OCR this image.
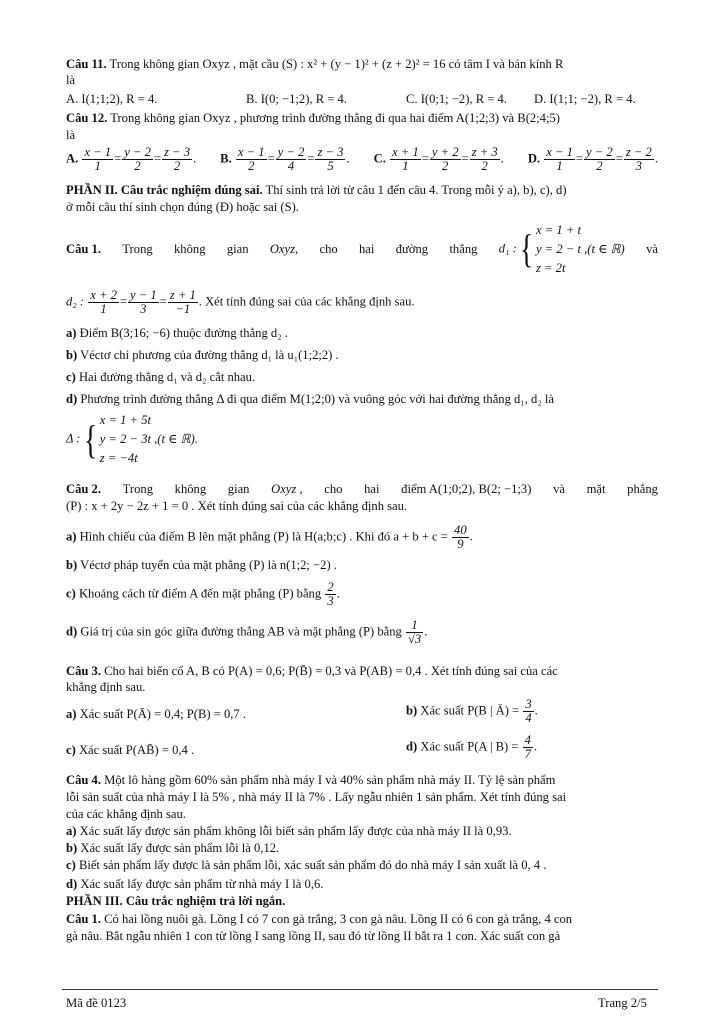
Câu 11. Trong không gian Oxyz , mặt cầu (S) : x² + (y − 1)² + (z + 2)² = 16 có tâm I và bán kính R
là
A. I(1;1;2), R = 4.	B. I(0; −1;2), R = 4.	C. I(0;1; −2), R = 4. D. I(1;1; −2), R = 4.
Câu 12. Trong không gian Oxyz , phương trình đường thẳng đi qua hai điểm A(1;2;3) và B(2;4;5)
là
A. $\frac{x - 1}{1} = \frac{y - 2}{2} = \frac{z - 3}{2}$ . B. $\frac{x - 1}{2} = \frac{y - 2}{4} = \frac{z - 3}{5}$ . C. $\frac{x + 1}{1} = \frac{y + 2}{2} = \frac{z + 3}{2}$ . D. $\frac{x - 1}{1} = \frac{y - 2}{2} = \frac{z - 2}{3}$ .
PHẦN II. Câu trắc nghiệm đúng sai. Thí sinh trả lời từ câu 1 đến câu 4. Trong mỗi ý a), b), c), d)
ở mỗi câu thí sinh chọn đúng (Đ) hoặc sai (S).
Câu 1. Trong không gian Oxyz, cho hai đường thẳng d₁ :{ x = 1 + t
y = 2 − t ,(t ∈ ℝ)
z = 2t
và
d₂ : $\frac{x + 2}{1} = \frac{y - 1}{3} = \frac{z + 1}{-1}$ . Xét tính đúng sai của các khẳng định sau.
a) Điểm B(3;16; −6) thuộc đường thẳng d₂ .
b) Véctơ chỉ phương của đường thẳng d₁ là u₁(1;2;2) .
c) Hai đường thẳng d₁ và d₂ cắt nhau.
d) Phương trình đường thẳng Δ đi qua điểm M(1;2;0) và vuông góc với hai đường thẳng d₁, d₂ là
Δ :{ x = 1 + 5t
y = 2 − 3t ,(t ∈ ℝ).
z = −4t
Câu 2. Trong không gian Oxyz , cho hai điểm A(1;0;2), B(2; −1;3) và mặt phẳng
(P) : x + 2y − 2z + 1 = 0 . Xét tính đúng sai của các khẳng định sau.
a) Hình chiếu của điểm B lên mặt phẳng (P) là H(a;b;c) . Khi đó $a + b + c = \frac{40}{9}$ .
b) Véctơ pháp tuyến của mặt phẳng (P) là n(1;2; −2) .
c) Khoảng cách từ điểm A đến mặt phẳng (P) bằng $\frac{2}{3}$ .
d) Giá trị của sin góc giữa đường thẳng AB và mặt phẳng (P) bằng $\frac{1}{√3}$ .
Câu 3. Cho hai biến cố A, B có P(A) = 0,6; P(B̄) = 0,3 và P(AB) = 0,4 . Xét tính đúng sai của các
khẳng định sau.
a) Xác suất P(Ā) = 0,4; P(B) = 0,7 .	b) Xác suất P(B | Ā) = $\frac{3}{4}$ .
c) Xác suất P(AB̄) = 0,4 .	d) Xác suất P(A | $B) = \frac{4}{7}$ .
Câu 4. Một lô hàng gồm 60% sản phẩm nhà máy I và 40% sản phẩm nhà máy II. Tỷ lệ sản phẩm
lỗi sản suất của nhà máy I là 5% , nhà máy II là 7% . Lấy ngẫu nhiên 1 sản phẩm. Xét tính đúng sai
của các khẳng định sau.
a) Xác suất lấy được sản phẩm không lỗi biết sản phẩm lấy được của nhà máy II là 0,93.
b) Xác suất lấy được sản phẩm lỗi là 0,12.
c) Biết sản phẩm lấy được là sản phẩm lỗi, xác suất sản phẩm đó do nhà máy I sản xuất là 0, 4 .
d) Xác suất lấy được sản phẩm từ nhà máy I là 0,6.
PHẦN III. Câu trắc nghiệm trả lời ngắn.
Câu 1. Có hai lồng nuôi gà. Lồng I có 7 con gà trắng, 3 con gà nâu. Lồng II có 6 con gà trắng, 4 con
gà nâu. Bắt ngẫu nhiên 1 con từ lồng I sang lồng II, sau đó từ lồng II bắt ra 1 con. Xác suất con gà
Mã đề 0123	Trang 2/5
